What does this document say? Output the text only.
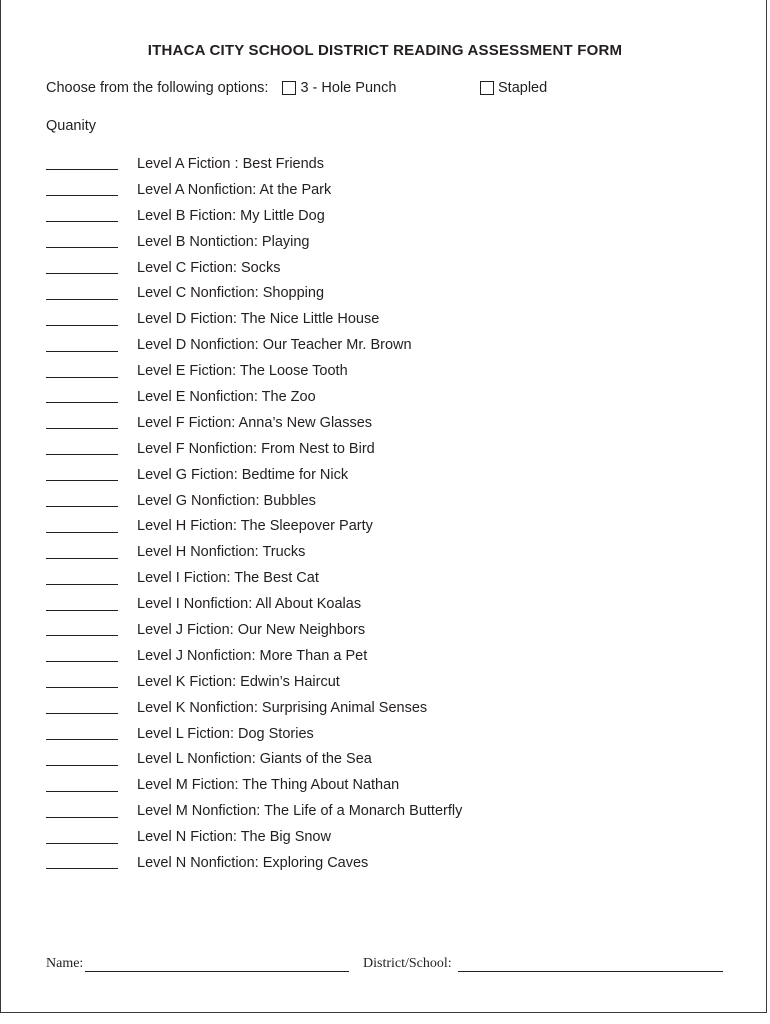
ITHACA CITY SCHOOL DISTRICT READING ASSESSMENT FORM
Choose from the following options: 3 - Hole Punch	Stapled
Quanity
Level A Fiction : Best Friends
Level A Nonfiction: At the Park
Level B Fiction: My Little Dog
Level B Nontiction: Playing
Level C Fiction: Socks
Level C Nonfiction: Shopping
Level D Fiction: The Nice Little House
Level D Nonfiction: Our Teacher Mr. Brown
Level E Fiction: The Loose Tooth
Level E Nonfiction: The Zoo
Level F Fiction: Anna’s New Glasses
Level F Nonfiction: From Nest to Bird
Level G Fiction: Bedtime for Nick
Level G Nonfiction: Bubbles
Level H Fiction: The Sleepover Party
Level H Nonfiction: Trucks
Level I Fiction: The Best Cat
Level I Nonfiction: All About Koalas
Level J Fiction: Our New Neighbors
Level J Nonfiction: More Than a Pet
Level K Fiction: Edwin’s Haircut
Level K Nonfiction: Surprising Animal Senses
Level L Fiction: Dog Stories
Level L Nonfiction: Giants of the Sea
Level M Fiction: The Thing About Nathan
Level M Nonfiction: The Life of a Monarch Butterfly
Level N Fiction: The Big Snow
Level N Nonfiction: Exploring Caves
Name:	District/School:
